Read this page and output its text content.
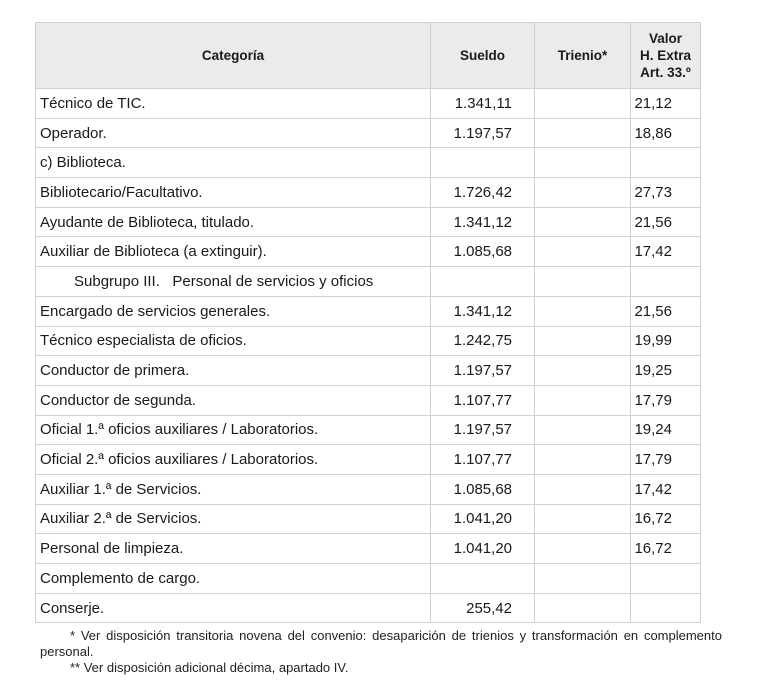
Categoría	Sueldo	Trienio*	Valor
H. Extra
Art. 33.º

Técnico de TIC.	1.341,11		21,12
Operador.	1.197,57		18,86
c) Biblioteca.			
Bibliotecario/Facultativo.	1.726,42		27,73
Ayudante de Biblioteca, titulado.	1.341,12		21,56
Auxiliar de Biblioteca (a extinguir).	1.085,68		17,42
Subgrupo III.   Personal de servicios y oficios			
Encargado de servicios generales.	1.341,12		21,56
Técnico especialista de oficios.	1.242,75		19,99
Conductor de primera.	1.197,57		19,25
Conductor de segunda.	1.107,77		17,79
Oficial 1.ª oficios auxiliares / Laboratorios.	1.197,57		19,24
Oficial 2.ª oficios auxiliares / Laboratorios.	1.107,77		17,79
Auxiliar 1.ª de Servicios.	1.085,68		17,42
Auxiliar 2.ª de Servicios.	1.041,20		16,72
Personal de limpieza.	1.041,20		16,72
Complemento de cargo.			
Conserje.	255,42		
* Ver disposición transitoria novena del convenio: desaparición de trienios y transformación en complemento personal.
** Ver disposición adicional décima, apartado IV.
